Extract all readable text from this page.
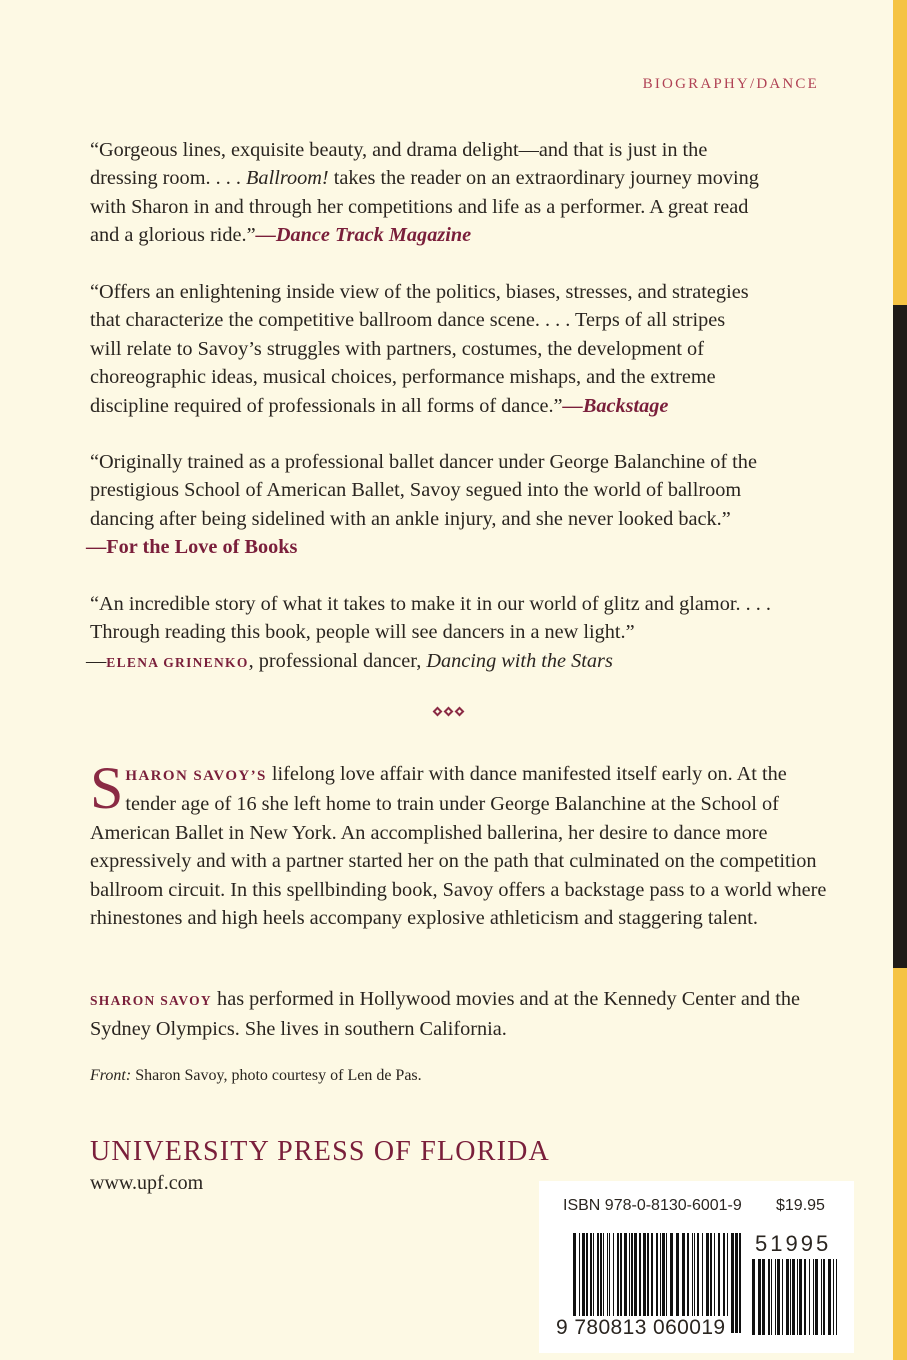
BIOGRAPHY/DANCE

“Gorgeous lines, exquisite beauty, and drama delight—and that is just in the
dressing room. . . . Ballroom! takes the reader on an extraordinary journey moving
with Sharon in and through her competitions and life as a performer. A great read
and a glorious ride.”—Dance Track Magazine

“Offers an enlightening inside view of the politics, biases, stresses, and strategies
that characterize the competitive ballroom dance scene. . . . Terps of all stripes
will relate to Savoy’s struggles with partners, costumes, the development of
choreographic ideas, musical choices, performance mishaps, and the extreme
discipline required of professionals in all forms of dance.”—Backstage

“Originally trained as a professional ballet dancer under George Balanchine of the
prestigious School of American Ballet, Savoy segued into the world of ballroom
dancing after being sidelined with an ankle injury, and she never looked back.”
—For the Love of Books

“An incredible story of what it takes to make it in our world of glitz and glamor. . . .
Through reading this book, people will see dancers in a new light.”
—ELENA GRINENKO, professional dancer, Dancing with the Stars

SHARON SAVOY’S lifelong love affair with dance manifested itself early on. At the tender age of 16 she left home to train under George Balanchine at the School of American Ballet in New York. An accomplished ballerina, her desire to dance more expressively and with a partner started her on the path that culminated on the competition ballroom circuit. In this spellbinding book, Savoy offers a backstage pass to a world where rhinestones and high heels accompany explosive athleticism and staggering talent.

SHARON SAVOY has performed in Hollywood movies and at the Kennedy Center and the Sydney Olympics. She lives in southern California.

Front: Sharon Savoy, photo courtesy of Len de Pas.

UNIVERSITY PRESS OF FLORIDA
www.upf.com
ISBN 978-0-8130-6001-9 $19.95
51995
9 780813 060019
